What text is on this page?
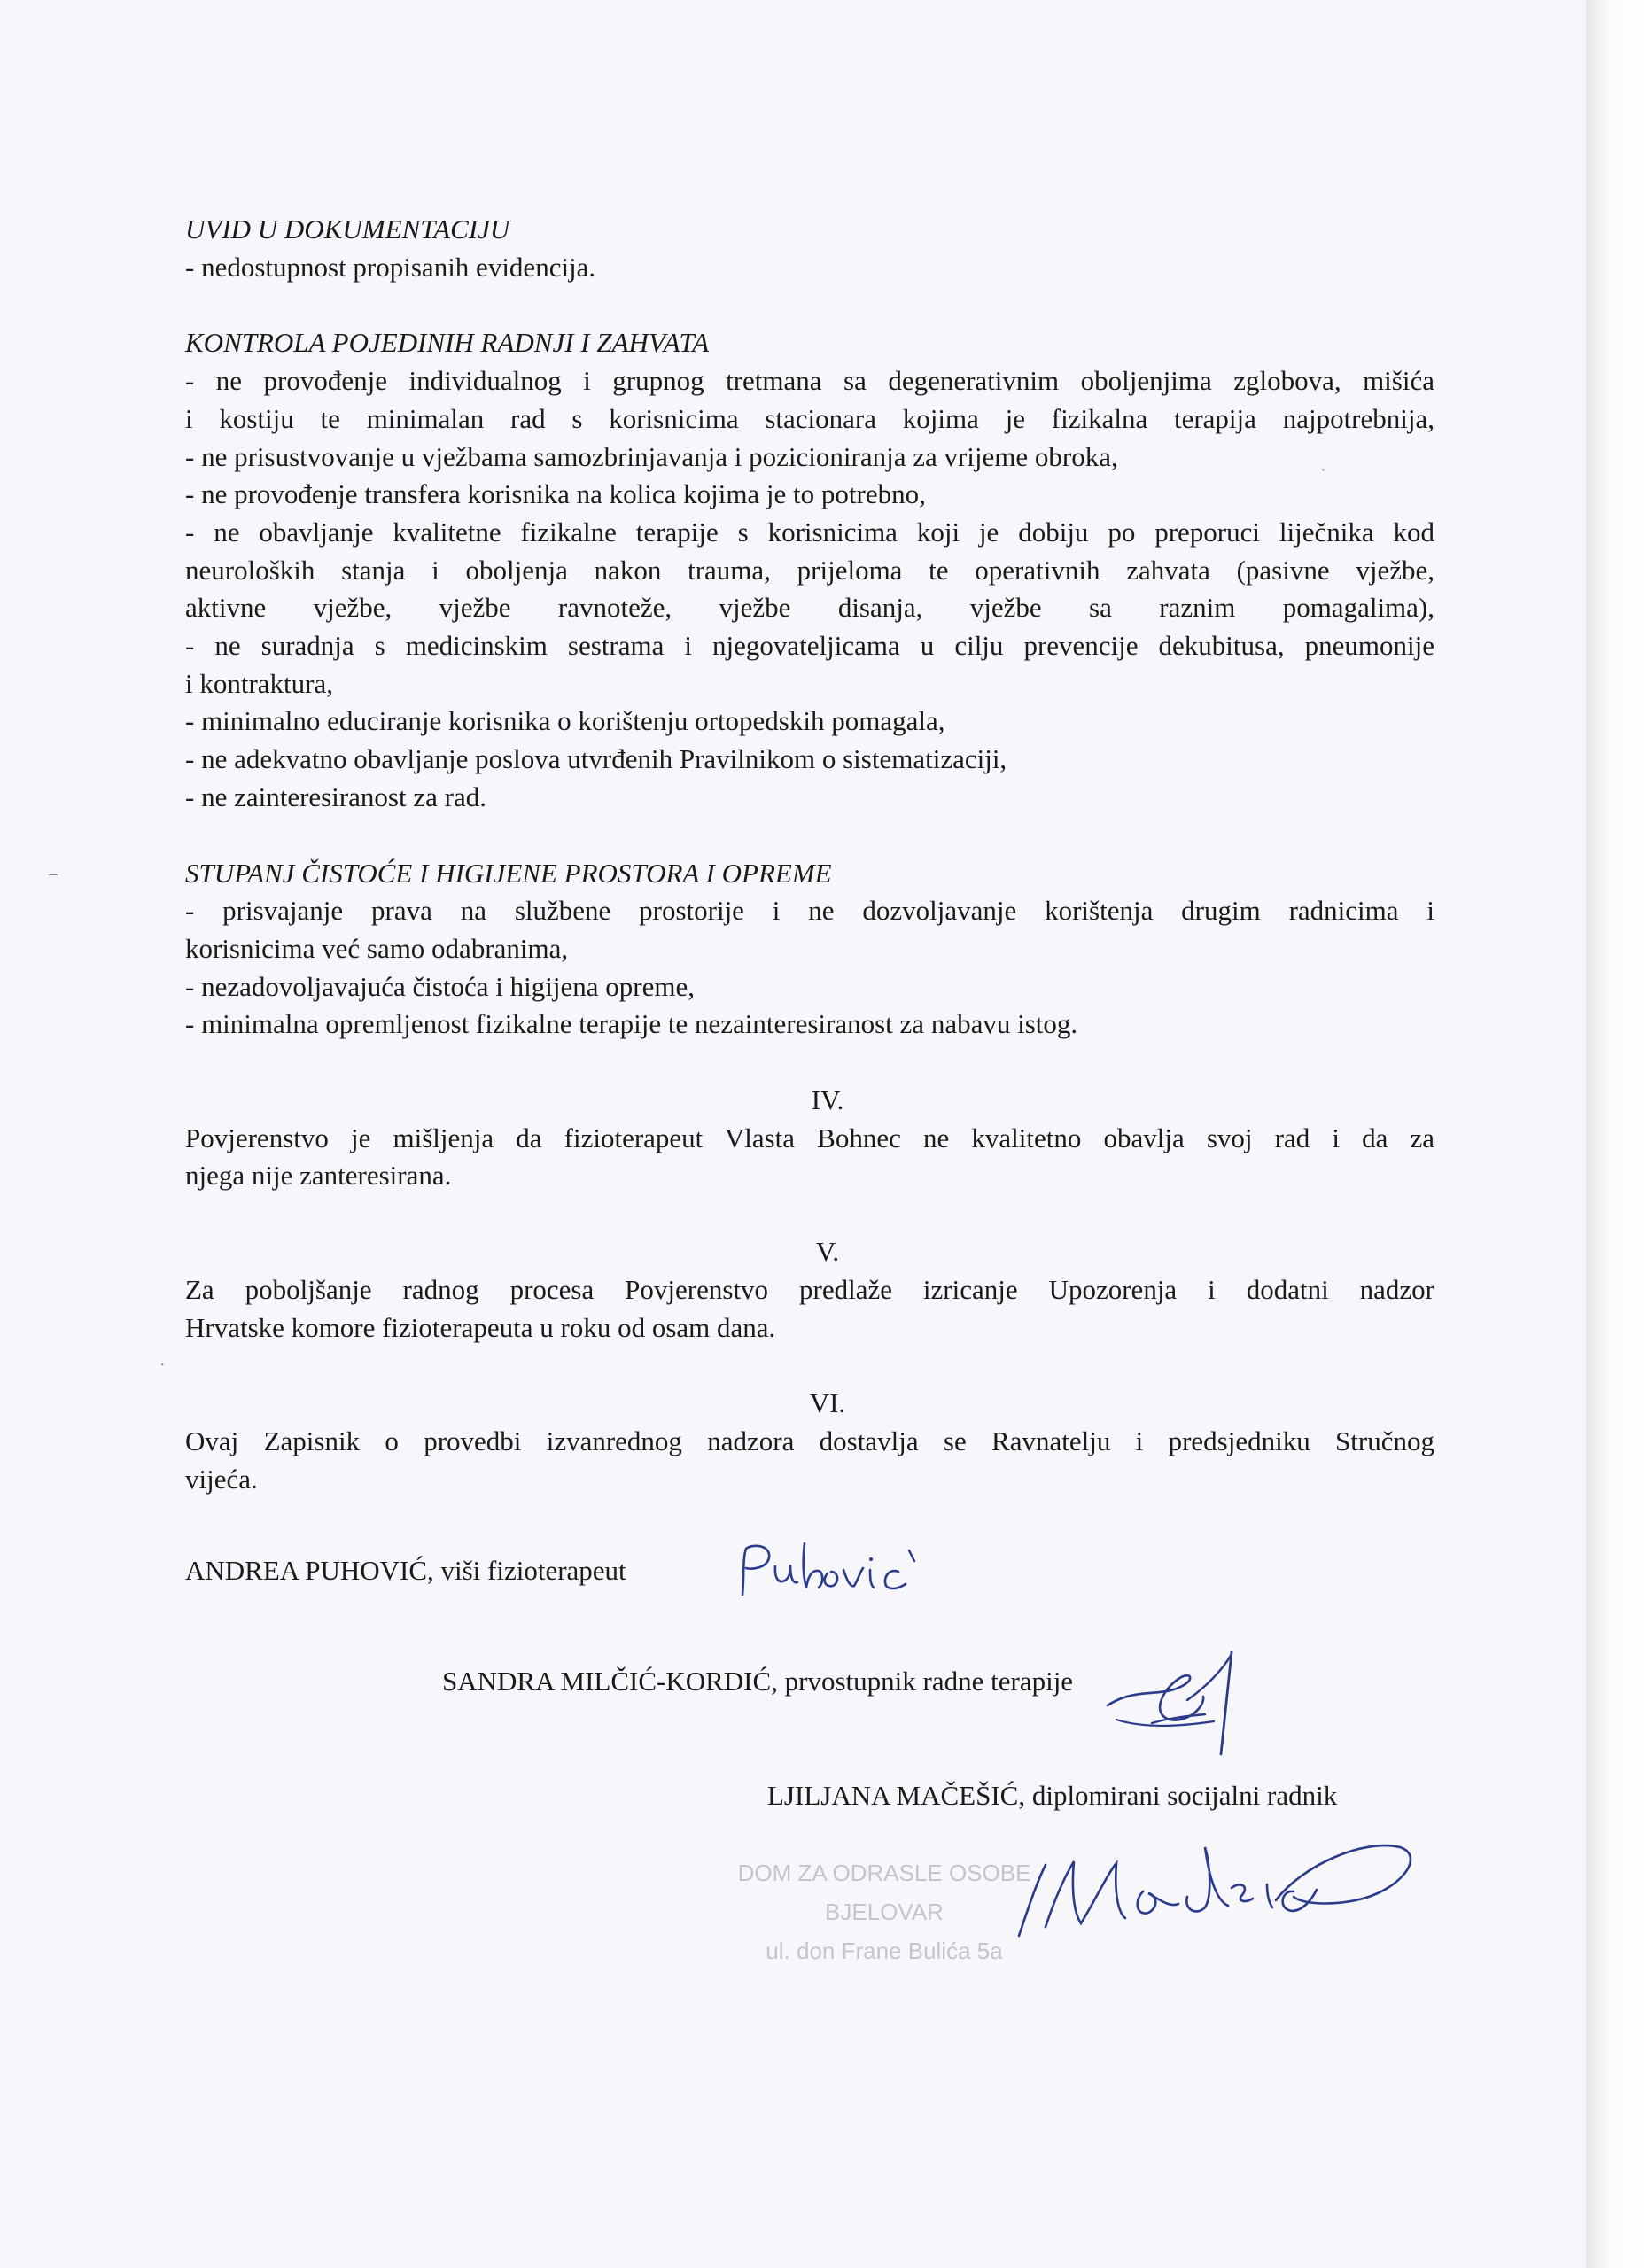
UVID U DOKUMENTACIJU

- nedostupnost propisanih evidencija.

KONTROLA POJEDINIH RADNJI I ZAHVATA

- ne provođenje individualnog i grupnog tretmana sa degenerativnim oboljenjima zglobova, mišića

i kostiju te minimalan rad s korisnicima stacionara kojima je fizikalna terapija najpotrebnija,

- ne prisustvovanje u vježbama samozbrinjavanja i pozicioniranja za vrijeme obroka,

- ne provođenje transfera korisnika na kolica kojima je to potrebno,

- ne obavljanje kvalitetne fizikalne terapije s korisnicima koji je dobiju po preporuci liječnika kod

neuroloških stanja i oboljenja nakon trauma, prijeloma te operativnih zahvata (pasivne vježbe,

aktivne vježbe, vježbe ravnoteže, vježbe disanja, vježbe sa raznim pomagalima),

- ne suradnja s medicinskim sestrama i njegovateljicama u cilju prevencije dekubitusa, pneumonije

i kontraktura,

- minimalno educiranje korisnika o korištenju ortopedskih pomagala,

- ne adekvatno obavljanje poslova utvrđenih Pravilnikom o sistematizaciji,

- ne zainteresiranost za rad.

STUPANJ ČISTOĆE I HIGIJENE PROSTORA I OPREME

- prisvajanje prava na službene prostorije i ne dozvoljavanje korištenja drugim radnicima i

korisnicima već samo odabranima,

- nezadovoljavajuća čistoća i higijena opreme,

- minimalna opremljenost fizikalne terapije te nezainteresiranost za nabavu istog.

IV.

Povjerenstvo je mišljenja da fizioterapeut Vlasta Bohnec ne kvalitetno obavlja svoj rad i da za

njega nije zanteresirana.

V.

Za poboljšanje radnog procesa Povjerenstvo predlaže izricanje Upozorenja i dodatni nadzor

Hrvatske komore fizioterapeuta u roku od osam dana.

VI.

Ovaj Zapisnik o provedbi izvanrednog nadzora dostavlja se Ravnatelju i predsjedniku Stručnog

vijeća.

ANDREA PUHOVIĆ, viši fizioterapeut
SANDRA MILČIĆ-KORDIĆ, prvostupnik radne terapije
LJILJANA MAČEŠIĆ, diplomirani socijalni radnik
DOM ZA ODRASLE OSOBE
BJELOVAR
ul. don Frane Bulića 5a
‒
·
·
